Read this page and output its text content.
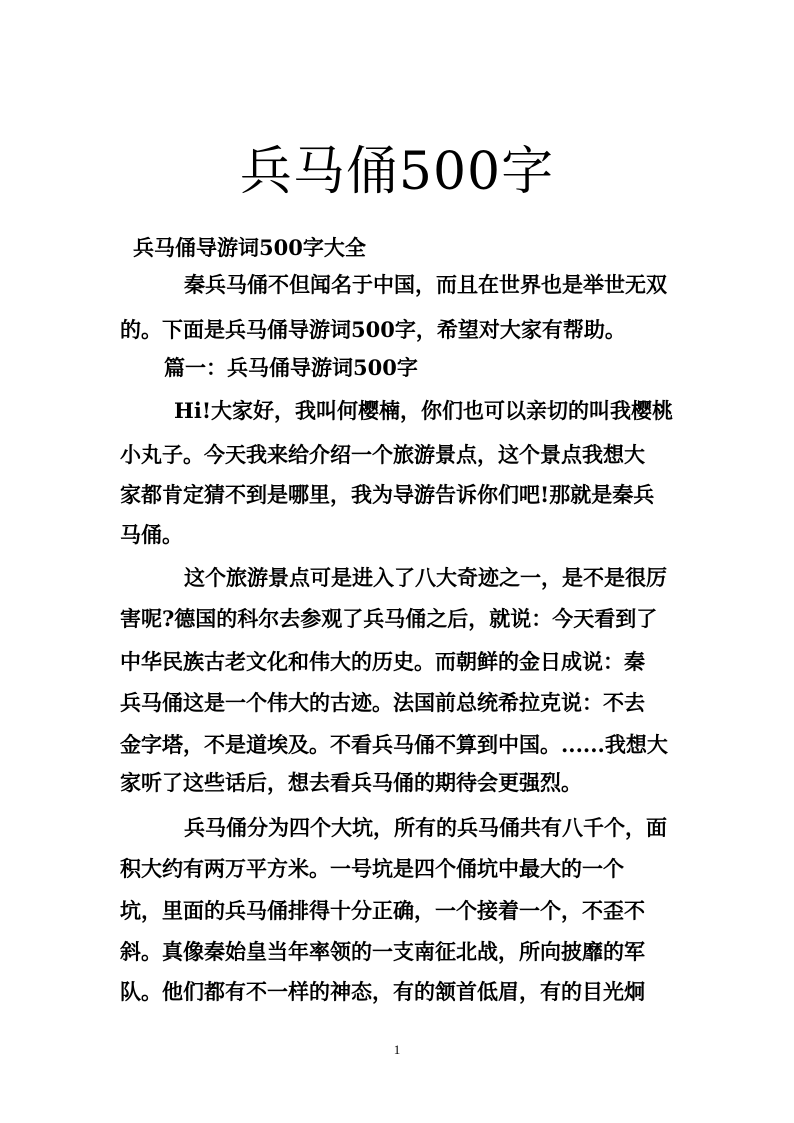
兵马俑500字

兵马俑导游词500字大全

秦兵马俑不但闻名于中国，而且在世界也是举世无双

的。下面是兵马俑导游词500字，希望对大家有帮助。

篇一：兵马俑导游词500字

Hi!大家好，我叫何樱楠，你们也可以亲切的叫我樱桃

小丸子。今天我来给介绍一个旅游景点，这个景点我想大

家都肯定猜不到是哪里，我为导游告诉你们吧!那就是秦兵

马俑。

这个旅游景点可是进入了八大奇迹之一，是不是很厉

害呢?德国的科尔去参观了兵马俑之后，就说：今天看到了

中华民族古老文化和伟大的历史。而朝鲜的金日成说：秦

兵马俑这是一个伟大的古迹。法国前总统希拉克说：不去

金字塔，不是道埃及。不看兵马俑不算到中国。......我想大

家听了这些话后，想去看兵马俑的期待会更强烈。

兵马俑分为四个大坑，所有的兵马俑共有八千个，面

积大约有两万平方米。一号坑是四个俑坑中最大的一个

坑，里面的兵马俑排得十分正确，一个接着一个，不歪不

斜。真像秦始皇当年率领的一支南征北战，所向披靡的军

队。他们都有不一样的神态，有的颔首低眉，有的目光炯

1
